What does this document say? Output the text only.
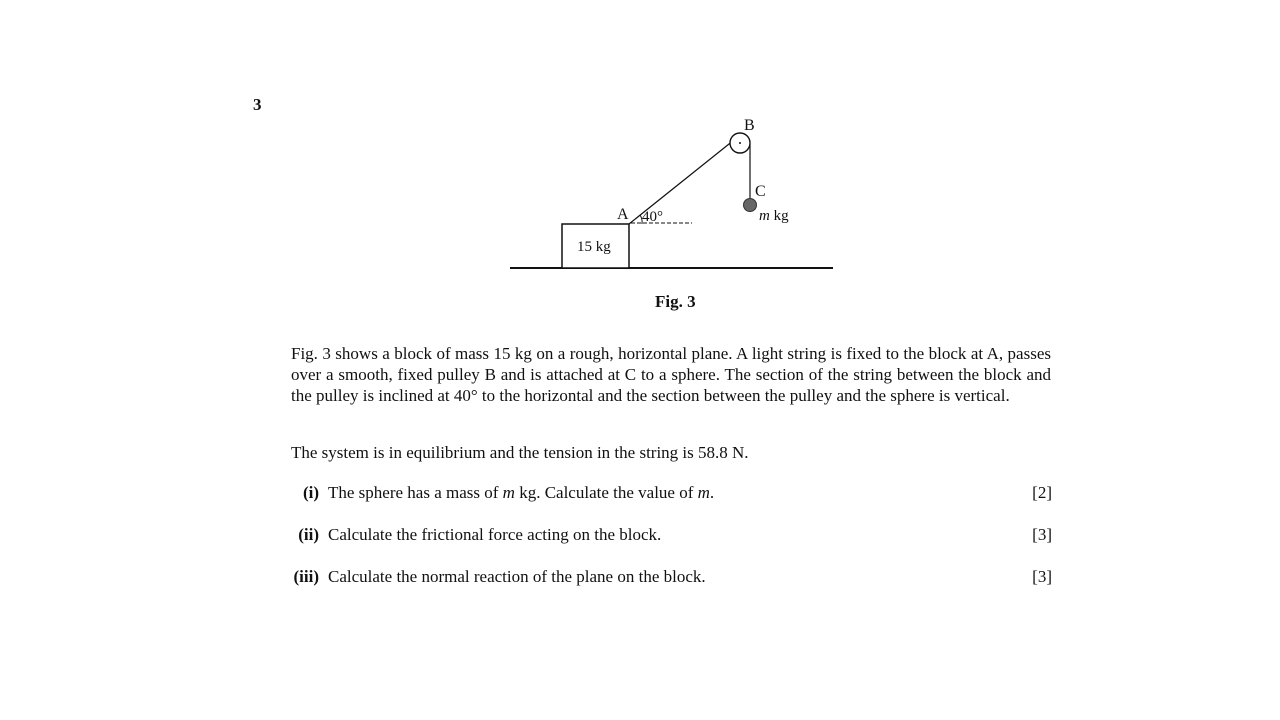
3
15 kg
B
A 40°
C
m kg
Fig. 3

Fig. 3 shows a block of mass 15 kg on a rough, horizontal plane. A light string is fixed to the block at A, passes over a smooth, fixed pulley B and is attached at C to a sphere. The section of the string between the block and the pulley is inclined at 40° to the horizontal and the section between the pulley and the sphere is vertical.

The system is in equilibrium and the tension in the string is 58.8 N.

(i) The sphere has a mass of m kg. Calculate the value of m.	[2]
(ii) Calculate the frictional force acting on the block.	[3]
(iii) Calculate the normal reaction of the plane on the block.	[3]
